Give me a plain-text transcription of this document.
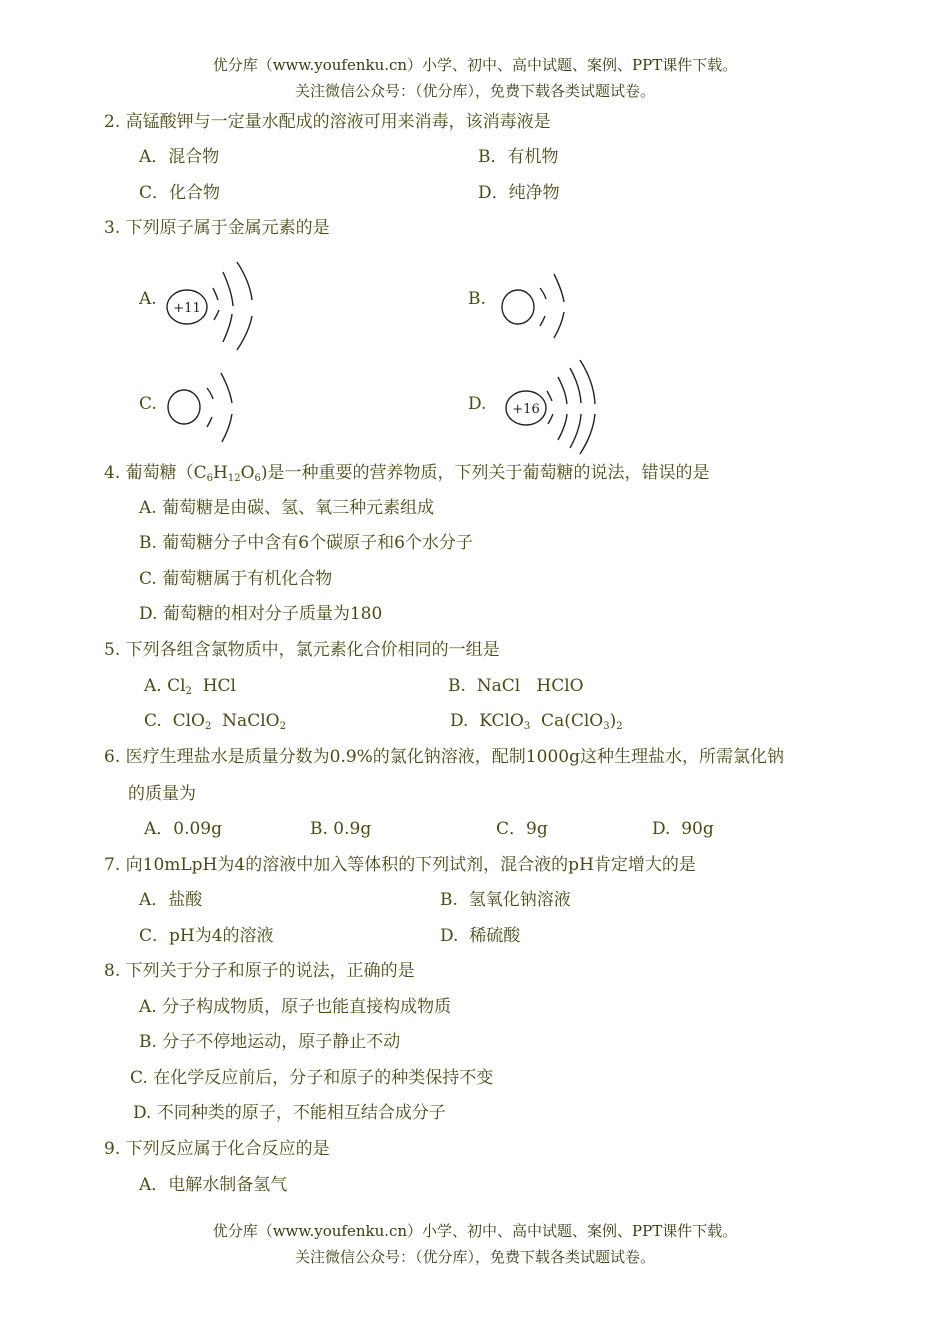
优分库（www.youfenku.cn）小学、初中、高中试题、案例、PPT课件下载。
关注微信公众号：（优分库），免费下载各类试题试卷。
2. 高锰酸钾与一定量水配成的溶液可用来消毒，该消毒液是
A．混合物	B．有机物
C．化合物	D．纯净物
3. 下列原子属于金属元素的是
A. +11	B.
C.	D. +16
4. 葡萄糖$(C_6H_{12}O_6)$是一种重要的营养物质，下列关于葡萄糖的说法，错误的是
A. 葡萄糖是由碳、氢、氧三种元素组成
B. 葡萄糖分子中含有6个碳原子和6个水分子
C. 葡萄糖属于有机化合物
D. 葡萄糖的相对分子质量为180
5. 下列各组含氯物质中，氯元素化合价相同的一组是
A. $Cl_2$  HCl	B.  NaCl   HClO
C.  ClO$_2$  NaClO$_2$	D.  KClO$_3$  $Ca(ClO_3)_2$
6. 医疗生理盐水是质量分数为0.9%的氯化钠溶液，配制1000g这种生理盐水，所需氯化钠
的质量为
A．0.09g	B. 0.9g	C．9g	D.  90g
7. 向10mLpH为4的溶液中加入等体积的下列试剂，混合液的pH肯定增大的是
A．盐酸	B.  氢氧化钠溶液
C．pH为4的溶液	D.  稀硫酸
8. 下列关于分子和原子的说法，正确的是
A. 分子构成物质，原子也能直接构成物质
B. 分子不停地运动，原子静止不动
C. 在化学反应前后，分子和原子的种类保持不变
D. 不同种类的原子，不能相互结合成分子
9. 下列反应属于化合反应的是
A．电解水制备氢气
优分库（www.youfenku.cn）小学、初中、高中试题、案例、PPT课件下载。
关注微信公众号：（优分库），免费下载各类试题试卷。
